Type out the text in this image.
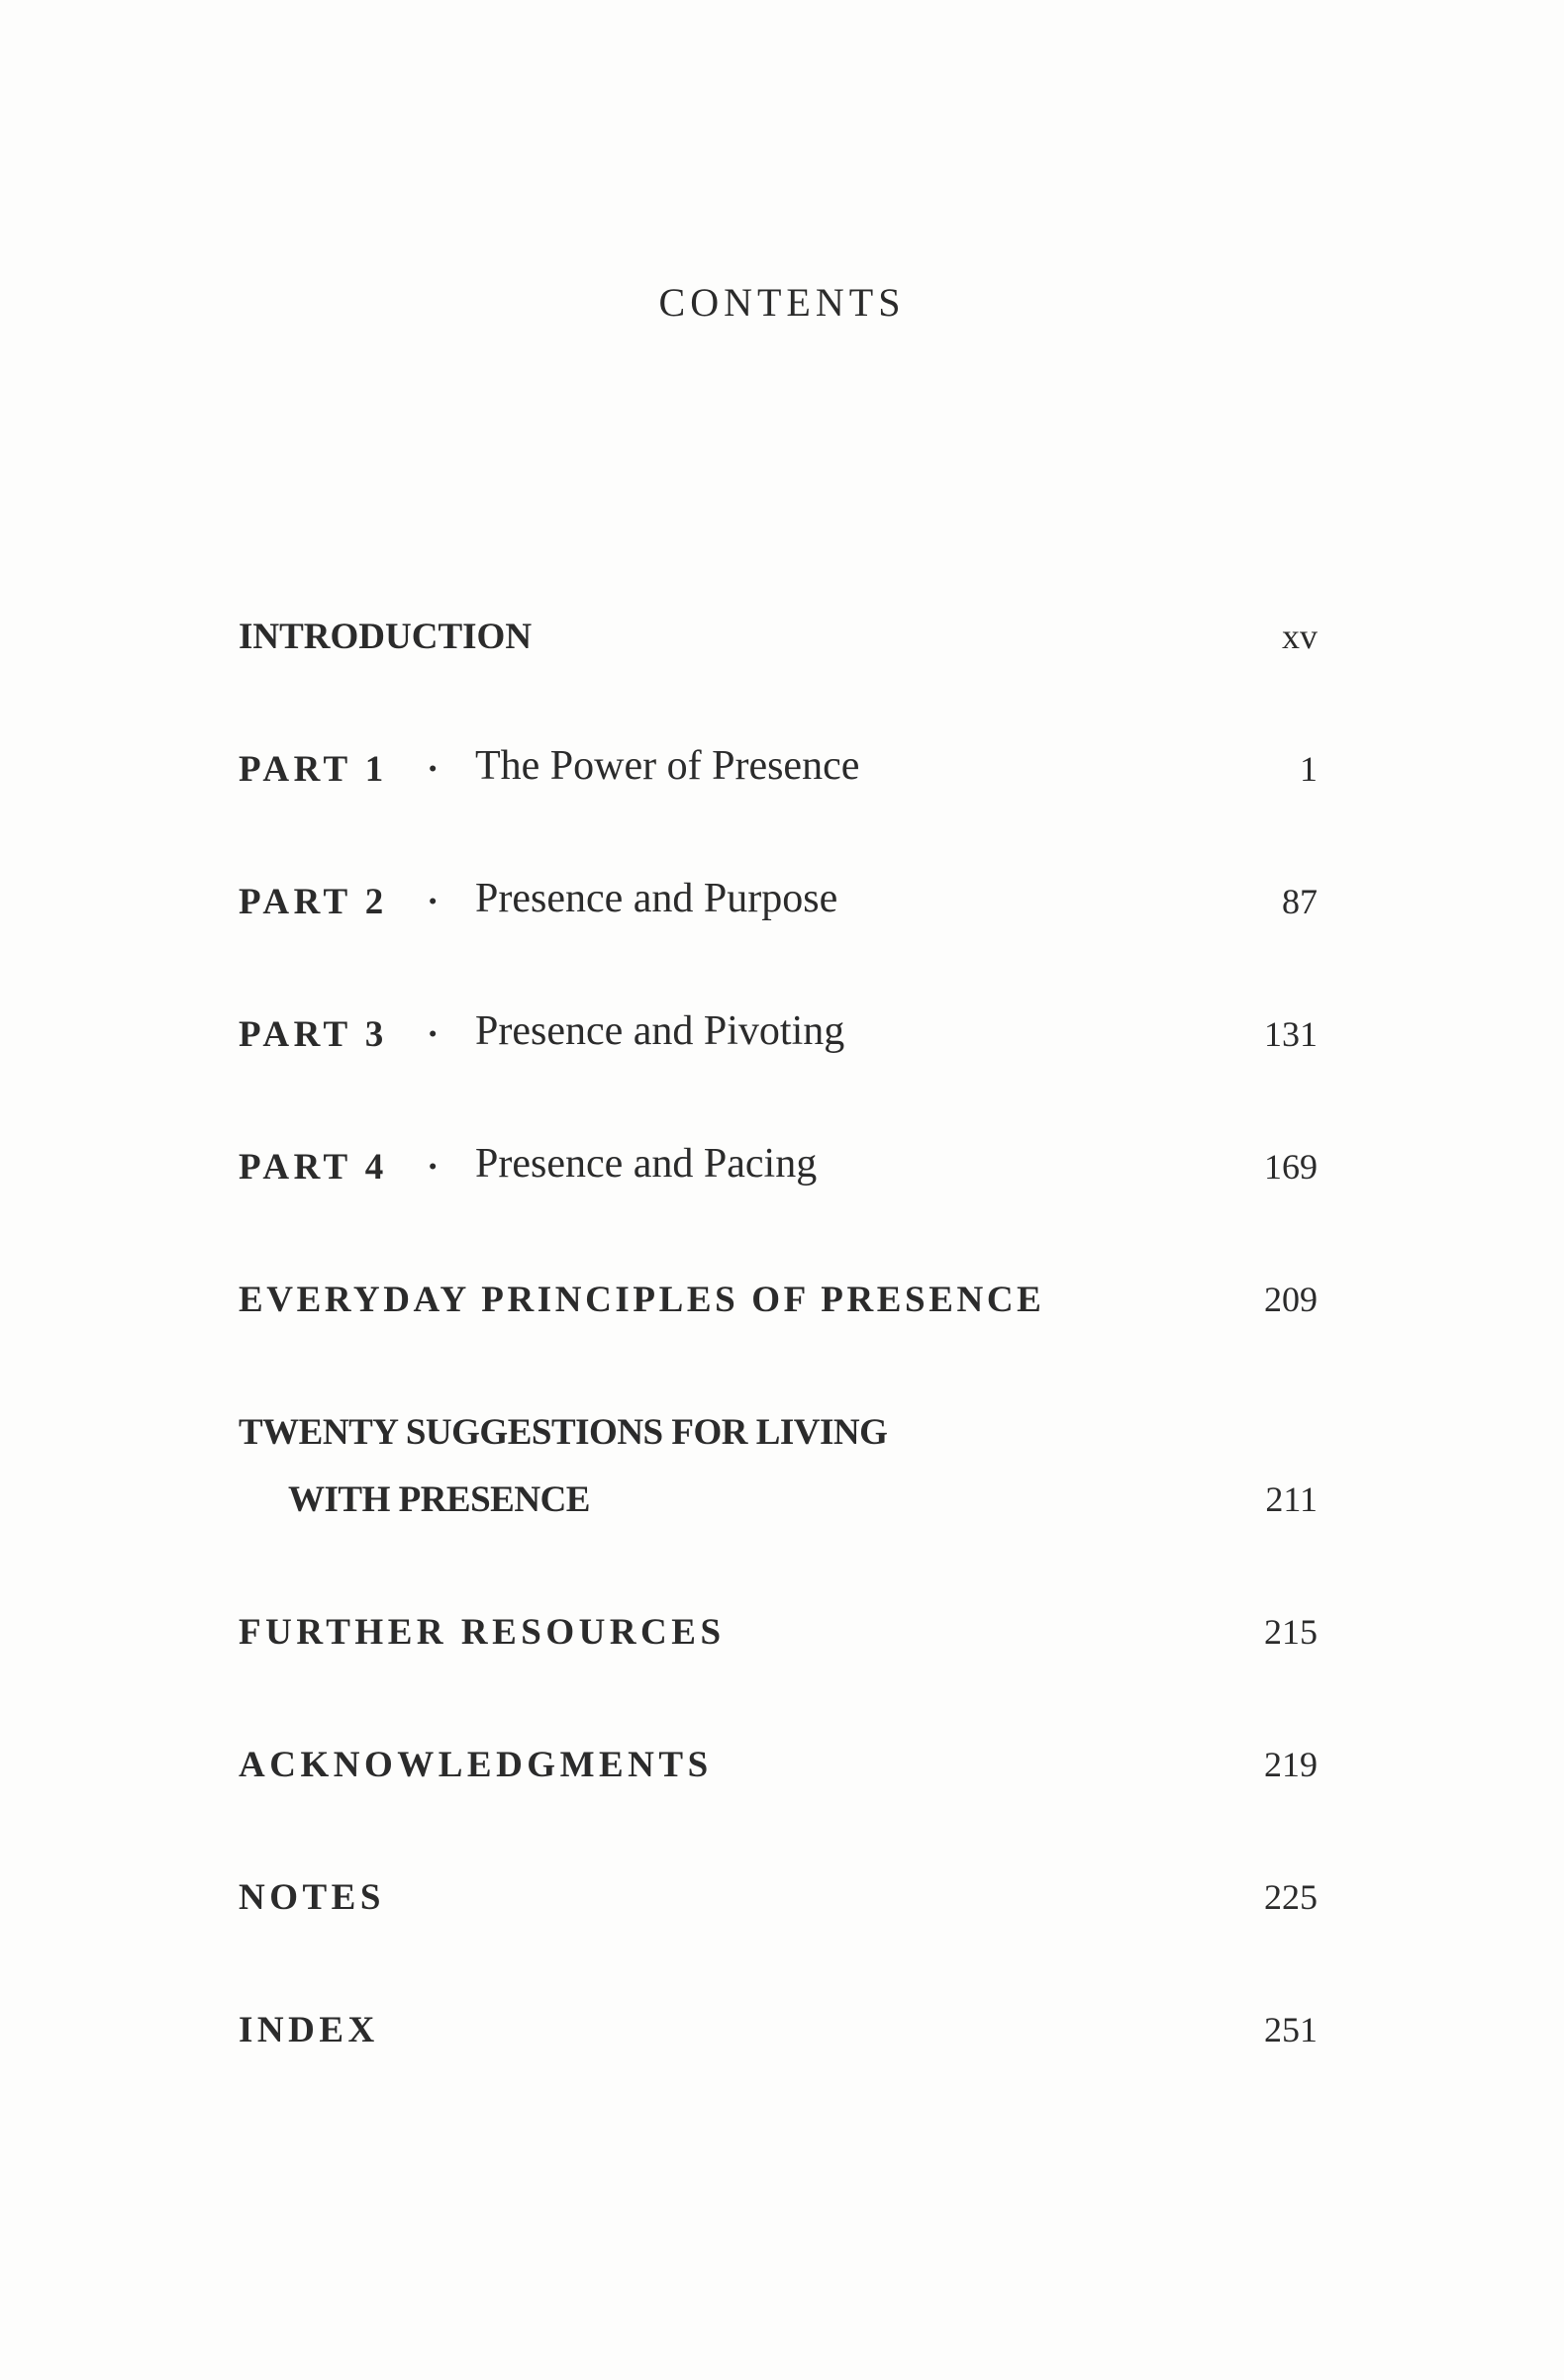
CONTENTS
INTRODUCTION	xv
PART 1 · The Power of Presence	1
PART 2 · Presence and Purpose	87
PART 3 · Presence and Pivoting	131
PART 4 · Presence and Pacing	169
EVERYDAY PRINCIPLES OF PRESENCE	209
TWENTY SUGGESTIONS FOR LIVING
WITH PRESENCE	211
FURTHER RESOURCES	215
ACKNOWLEDGMENTS	219
NOTES	225
INDEX	251
